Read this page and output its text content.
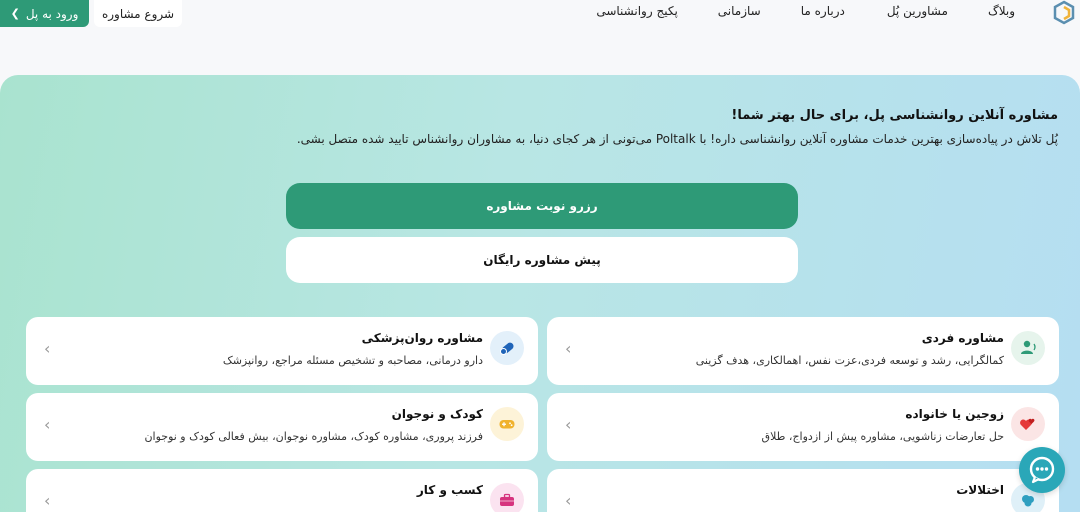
وبلاگ
مشاورین پُل
درباره ما
سازمانی
پکیج روانشناسی
❮ ورود به پل	شروع مشاوره
مشاوره آنلاین روانشناسی پل، برای حال بهتر شما!
پُل تلاش در پیاده‌سازی بهترین خدمات مشاوره آنلاین روانشناسی داره! با Poltalk می‌تونی از هر کجای دنیا، به مشاوران روانشناس تایید شده متصل بشی.
رزرو نوبت مشاوره
پیش مشاوره رایگان
مشاوره فردی
کمالگرایی، رشد و توسعه فردی،عزت نفس، اهمالکاری، هدف گزینی
‹
مشاوره روان‌پزشکی
دارو درمانی، مصاحبه و تشخیص مسئله مراجع، روانپزشک
‹
زوجین یا خانواده
حل تعارضات زناشویی، مشاوره پیش از ازدواج، طلاق
‹
کودک و نوجوان
فرزند پروری، مشاوره کودک، مشاوره نوجوان، بیش فعالی کودک و نوجوان
‹
اختلالات
‹
کسب و کار
‹
